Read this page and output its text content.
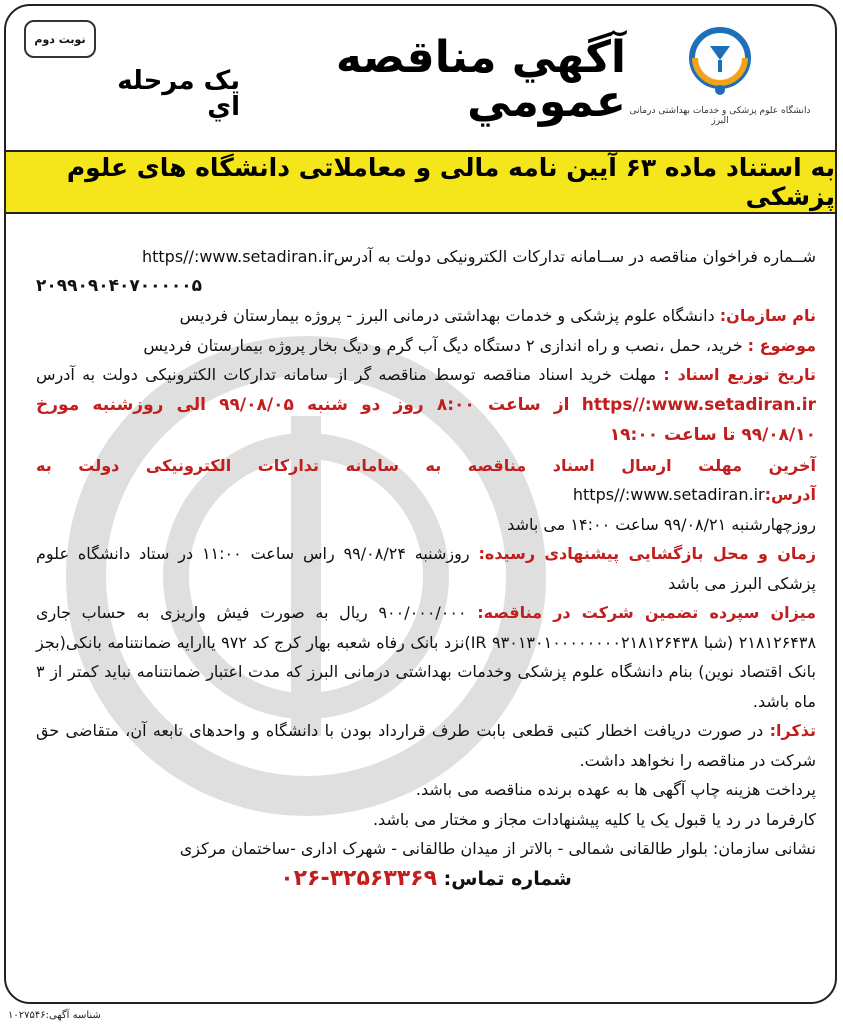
نوبت دوم	آگهي مناقصه عمومي
يک مرحله اي	دانشگاه علوم پزشکی و خدمات بهداشتی درمانی البرز
به استناد ماده ۶۳ آيين نامه مالی و معاملاتی دانشگاه های علوم پزشکی

شــماره فراخوان مناقصه در ســامانه تدارکات الکترونیکی دولت به آدرسhttps//:www.setadiran.ir
۲۰۹۹۰۹۰۴۰۷۰۰۰۰۰۵

نام سازمان: دانشگاه علوم پزشکی و خدمات بهداشتی درمانی البرز - پروژه بیمارستان فردیس

موضوع : خرید، حمل ،نصب و راه اندازی ۲ دستگاه دیگ آب گرم و دیگ بخار پروژه بیمارستان فردیس

تاریخ توزیع اسناد : مهلت خرید اسناد مناقصه توسط مناقصه گر از سامانه تدارکات الکترونیکی دولت به آدرس https//:www.setadiran.ir از ساعت ۸:۰۰ روز دو شنبه ۹۹/۰۸/۰۵ الی روزشنبه مورخ ۹۹/۰۸/۱۰ تا ساعت ۱۹:۰۰

آخرین مهلت ارسال اسناد مناقصه به سامانه تدارکات الکترونیکی دولت به آدرس:https//:www.setadiran.ir
روزچهارشنبه ۹۹/۰۸/۲۱ ساعت ۱۴:۰۰ می باشد

زمان و محل بازگشایی پیشنهادی رسیده: روزشنبه ۹۹/۰۸/۲۴ راس ساعت ۱۱:۰۰ در ستاد دانشگاه علوم پزشکی البرز می باشد

میزان سپرده تضمین شرکت در مناقصه: ۹۰۰/۰۰۰/۰۰۰ ریال به صورت فیش واریزی به حساب جاری ۲۱۸۱۲۶۴۳۸ (شبا IR ۹۳۰۱۳۰۱۰۰۰۰۰۰۰۰۲۱۸۱۲۶۴۳۸)نزد بانک رفاه شعبه بهار کرج کد ۹۷۲ یاارایه ضمانتنامه بانکی(بجز بانک اقتصاد نوین) بنام دانشگاه علوم پزشکی وخدمات بهداشتی درمانی البرز که مدت اعتبار ضمانتنامه نباید کمتر از ۳ ماه باشد.

تذکرا: در صورت دریافت اخطار کتبی قطعی بابت طرف قرارداد بودن با دانشگاه و واحدهای تابعه آن، متقاضی حق شرکت در مناقصه را نخواهد داشت.

پرداخت هزینه چاپ آگهی ها به عهده برنده مناقصه می باشد.

کارفرما در رد یا قبول یک یا کلیه پیشنهادات مجاز و مختار می باشد.

نشانی سازمان: بلوار طالقانی شمالی - بالاتر از میدان طالقانی - شهرک اداری -ساختمان مرکزی

شماره تماس: ۰۲۶-۳۲۵۶۳۳۶۹

شناسه آگهی:۱۰۲۷۵۴۶
